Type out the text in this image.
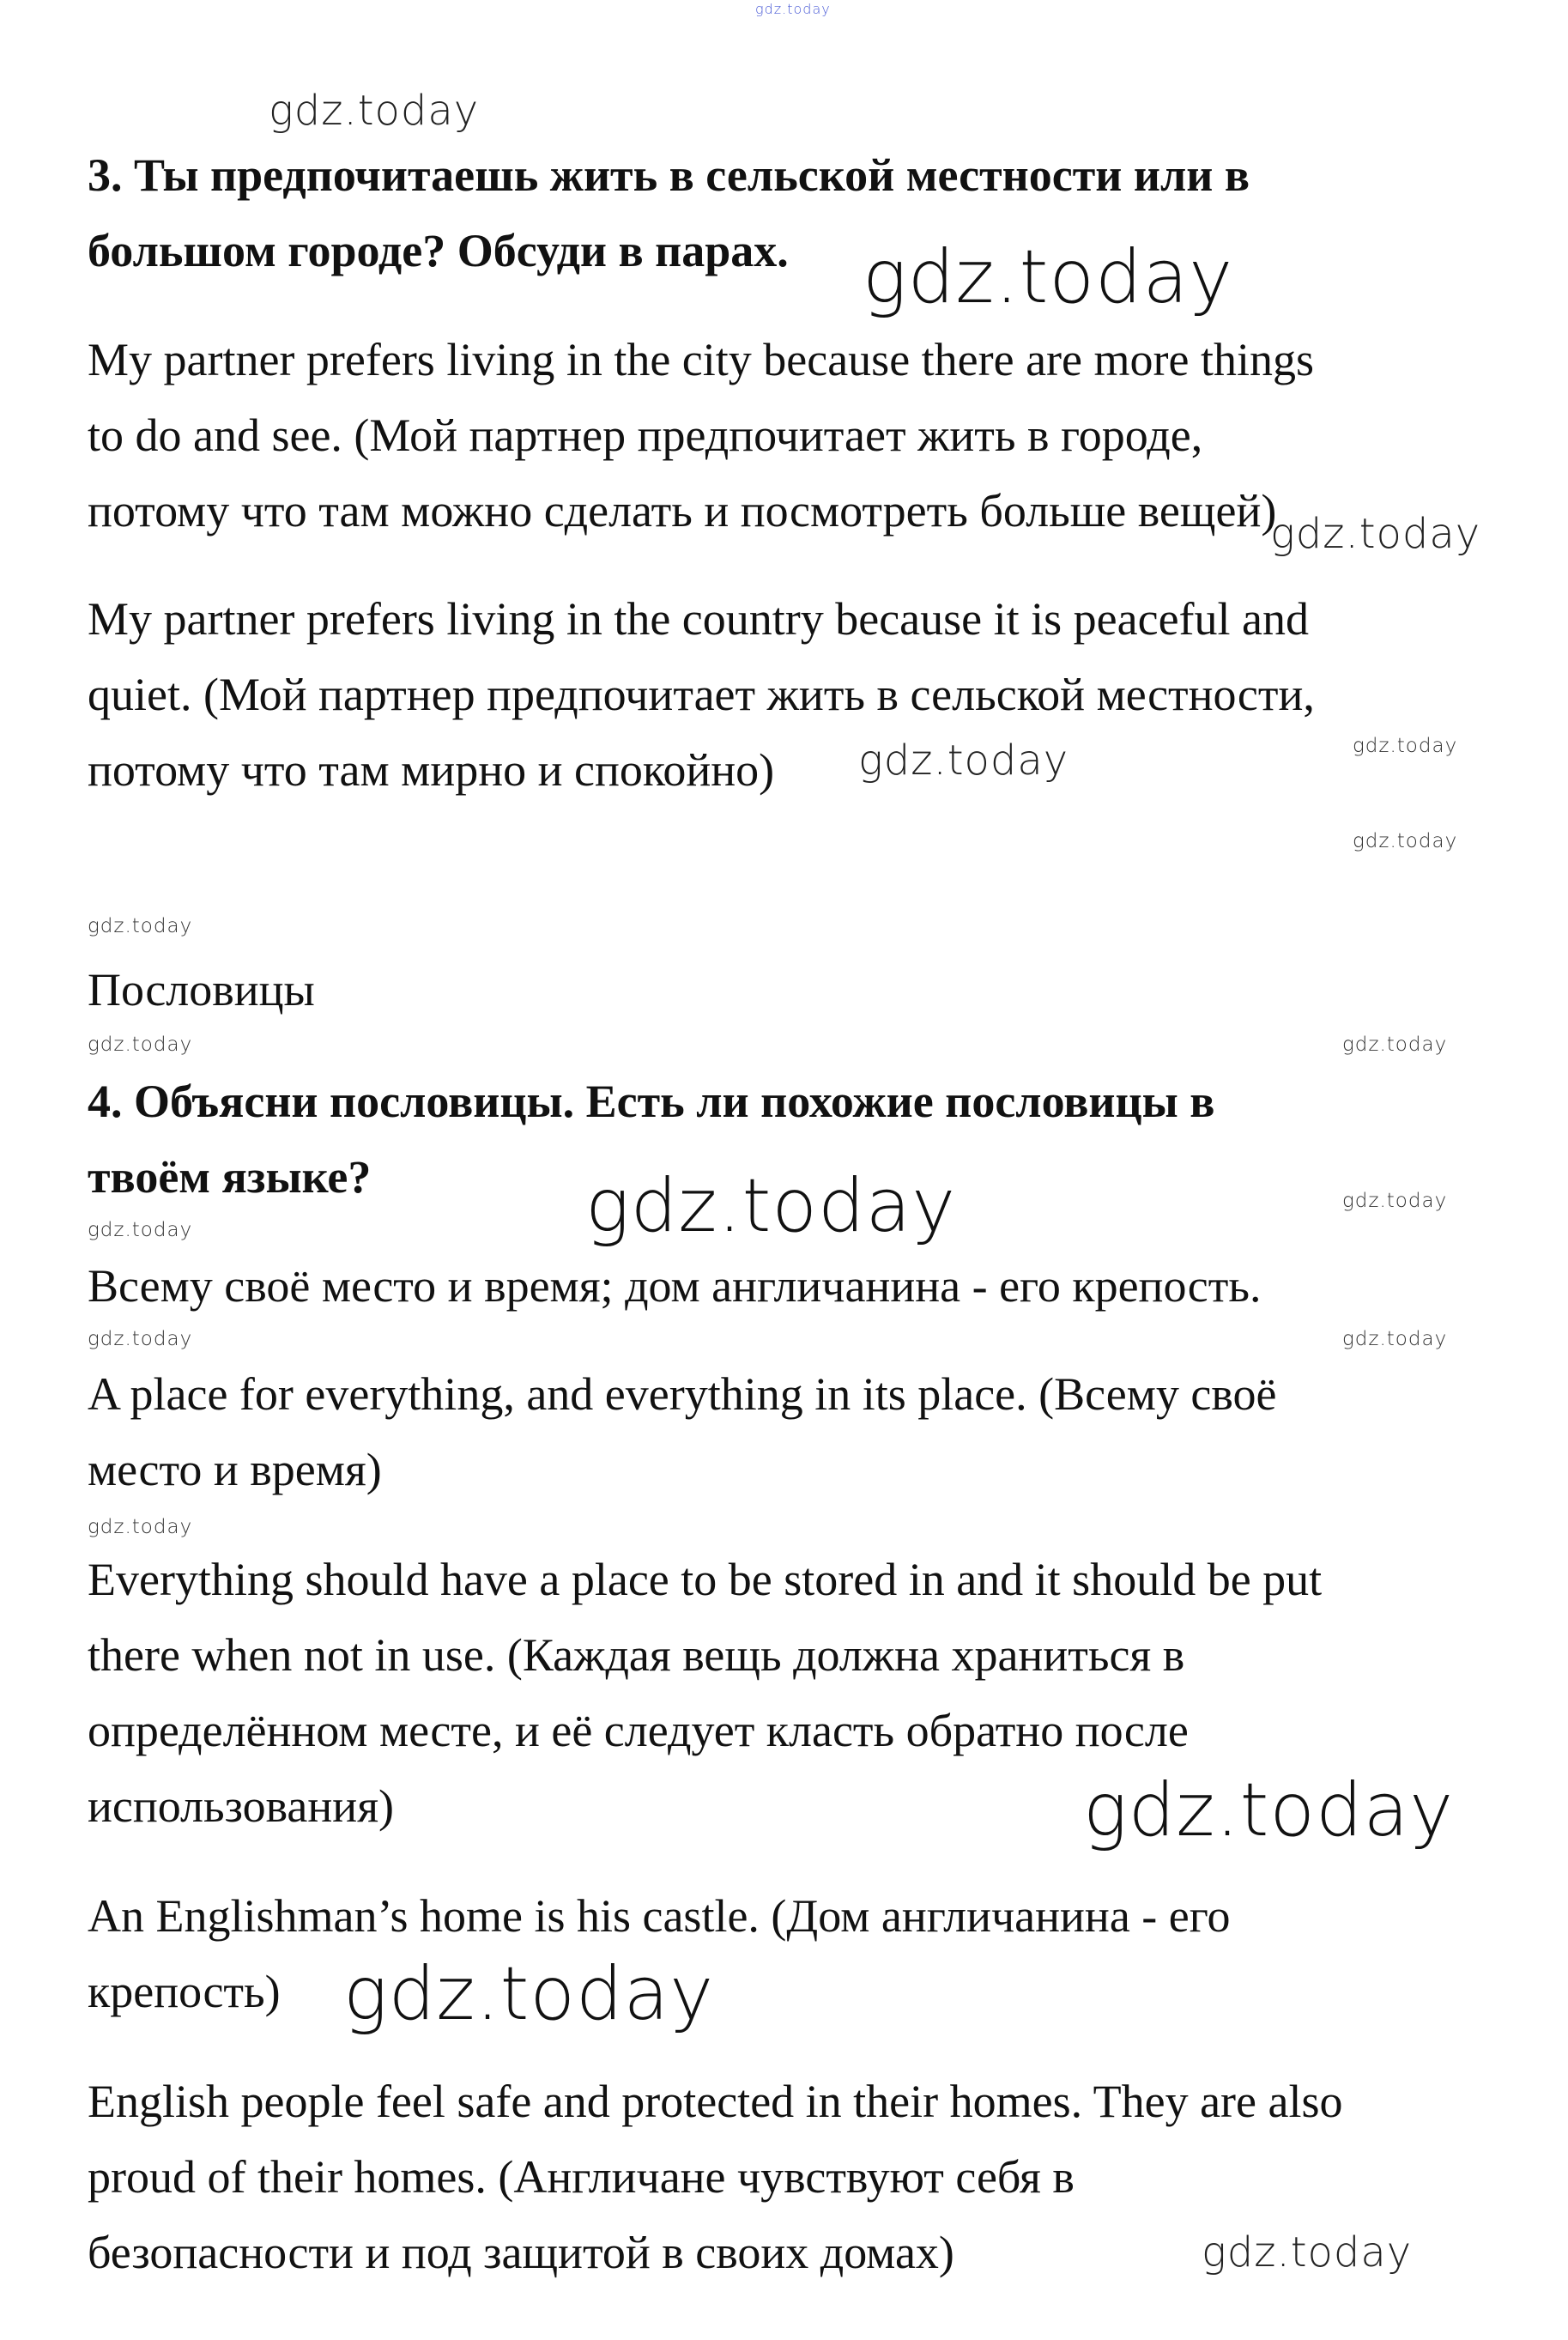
3. Ты предпочитаешь жить в сельской местности или в
большом городе? Обсуди в парах.
My partner prefers living in the city because there are more things
to do and see. (Мой партнер предпочитает жить в городе,
потому что там можно сделать и посмотреть больше вещей)
My partner prefers living in the country because it is peaceful and
quiet. (Мой партнер предпочитает жить в сельской местности,
потому что там мирно и спокойно)
Пословицы
4. Объясни пословицы. Есть ли похожие пословицы в
твоём языке?
Всему своё место и время; дом англичанина - его крепость.
A place for everything, and everything in its place. (Всему своё
место и время)
Everything should have a place to be stored in and it should be put
there when not in use. (Каждая вещь должна храниться в
определённом месте, и её следует класть обратно после
использования)
An Englishman’s home is his castle. (Дом англичанина - его
крепость)
English people feel safe and protected in their homes. They are also
proud of their homes. (Англичане чувствуют себя в
безопасности и под защитой в своих домах)
gdz.today
gdz.today
gdz.today
gdz.today
gdz.today
gdz.today
gdz.today
gdz.today
gdz.today	gdz.today
gdz.today	gdz.today
gdz.today
gdz.today
gdz.today
gdz.today
gdz.today
gdz.today
gdz.today
